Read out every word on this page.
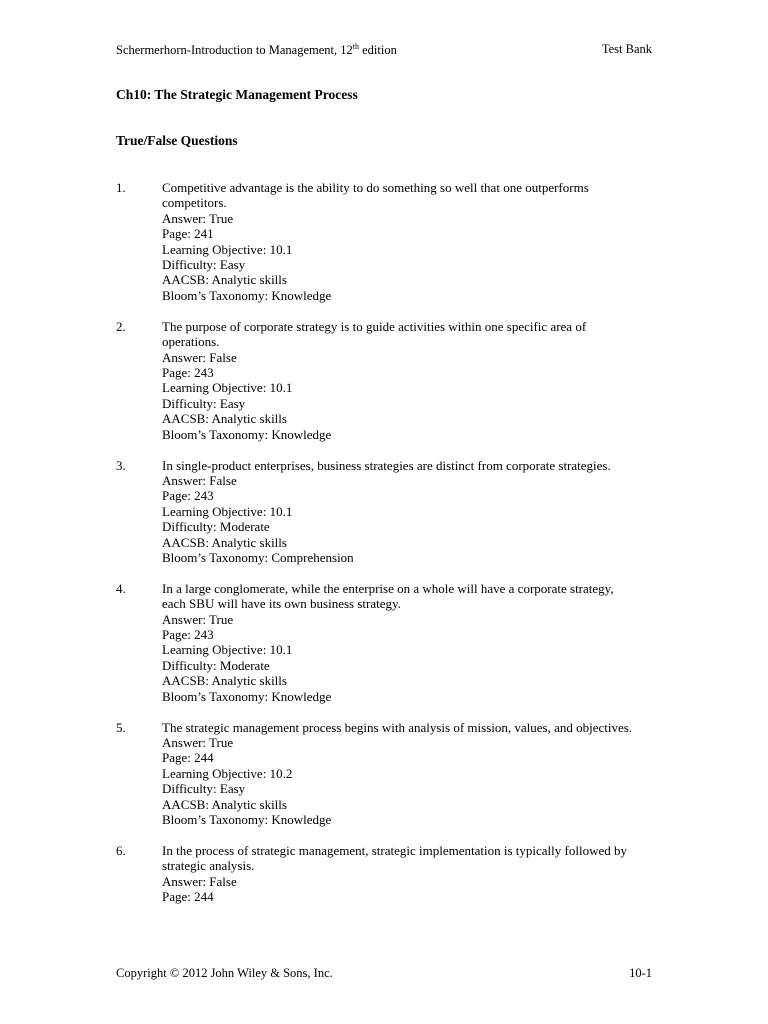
Schermerhorn-Introduction to Management, 12th edition	Test Bank
Ch10: The Strategic Management Process
True/False Questions
1.	Competitive advantage is the ability to do something so well that one outperforms competitors.
Answer: True
Page: 241
Learning Objective: 10.1
Difficulty: Easy
AACSB: Analytic skills
Bloom’s Taxonomy: Knowledge
2.	The purpose of corporate strategy is to guide activities within one specific area of operations.
Answer: False
Page: 243
Learning Objective: 10.1
Difficulty: Easy
AACSB: Analytic skills
Bloom’s Taxonomy: Knowledge
3.	In single-product enterprises, business strategies are distinct from corporate strategies.
Answer: False
Page: 243
Learning Objective: 10.1
Difficulty: Moderate
AACSB: Analytic skills
Bloom’s Taxonomy: Comprehension
4.	In a large conglomerate, while the enterprise on a whole will have a corporate strategy, each SBU will have its own business strategy.
Answer: True
Page: 243
Learning Objective: 10.1
Difficulty: Moderate
AACSB: Analytic skills
Bloom’s Taxonomy: Knowledge
5.	The strategic management process begins with analysis of mission, values, and objectives.
Answer: True
Page: 244
Learning Objective: 10.2
Difficulty: Easy
AACSB: Analytic skills
Bloom’s Taxonomy: Knowledge
6.	In the process of strategic management, strategic implementation is typically followed by strategic analysis.
Answer: False
Page: 244
Copyright © 2012 John Wiley & Sons, Inc.	10-1
